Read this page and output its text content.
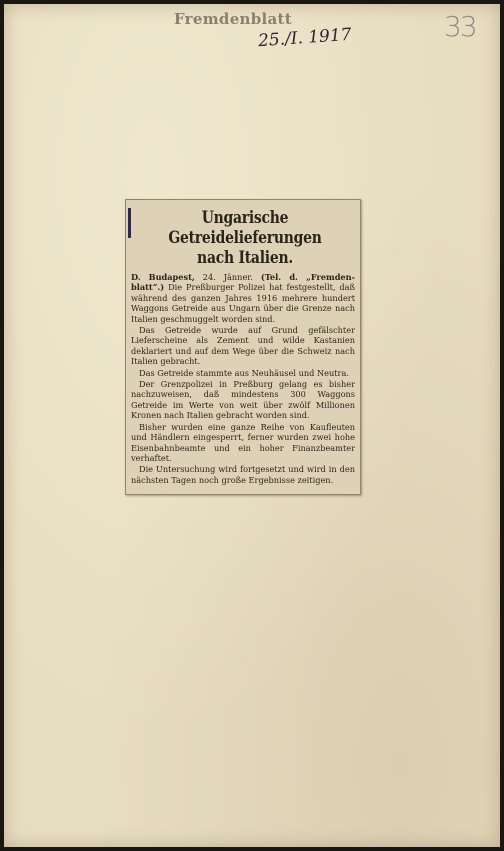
Fremdenblatt
25./I. 1917	33
Ungarische Getreidelieferungen
nach Italien.

D. Budapest, 24. Jänner. (Tel. d. „Fremden-blatt“.) Die Preßburger Polizei hat festgestellt, daß während des ganzen Jahres 1916 mehrere hundert Waggons Getreide aus Ungarn über die Grenze nach Italien geschmuggelt worden sind.

Das Getreide wurde auf Grund gefälschter Lieferscheine als Zement und wilde Kastanien deklariert und auf dem Wege über die Schweiz nach Italien gebracht.

Das Getreide stammte aus Neuhäusel und Neutra.

Der Grenzpolizei in Preßburg gelang es bisher nachzuweisen, daß mindestens 300 Waggons Getreide im Werte von weit über zwölf Millionen Kronen nach Italien gebracht worden sind.

Bisher wurden eine ganze Reihe von Kaufleuten und Händlern eingesperrt, ferner wurden zwei hohe Eisenbahnbeamte und ein hoher Finanzbeamter verhaftet.

Die Untersuchung wird fortgesetzt und wird in den nächsten Tagen noch große Ergebnisse zeitigen.
